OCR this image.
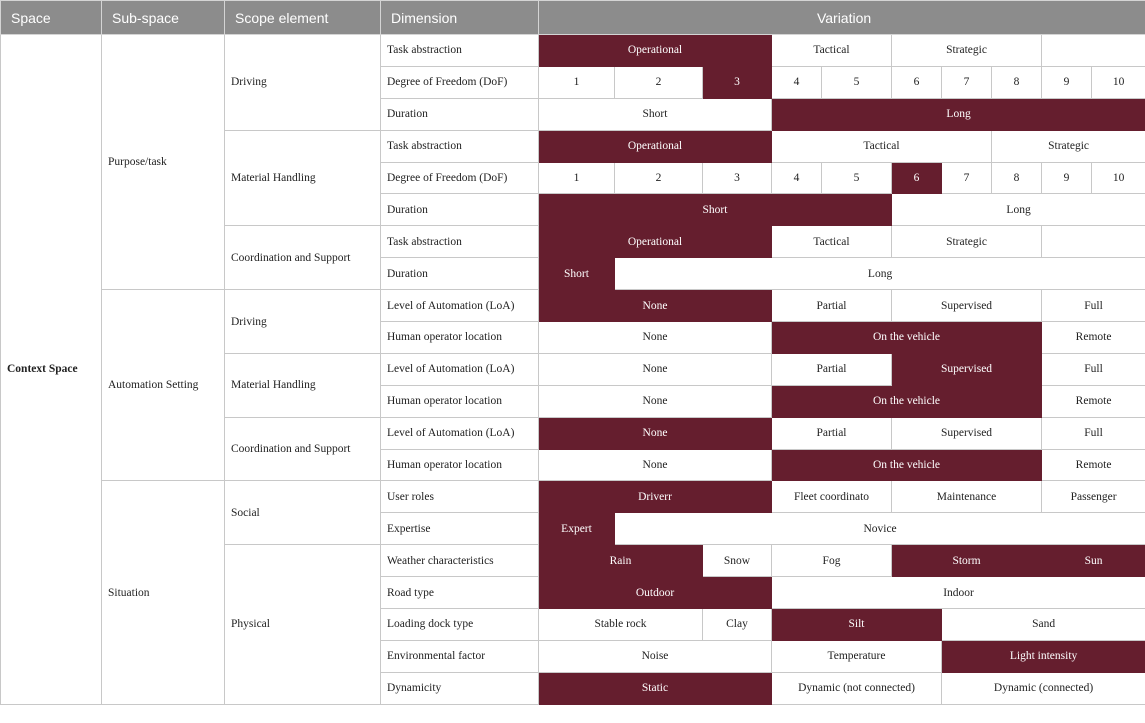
Space	Sub-space	Scope element	Dimension	Variation									
Context Space	Purpose/task	Driving	Task abstraction	Operational			Tactical		Strategic				
			Degree of Freedom (DoF)	1	2	3	4	5	6	7	8	9	10
			Duration	Short			Long						
		Material Handling	Task abstraction	Operational			Tactical				Strategic		
			Degree of Freedom (DoF)	1	2	3	4	5	6	7	8	9	10
			Duration	Short					Long				
		Coordination and Support	Task abstraction	Operational			Tactical		Strategic				
			Duration	Short	Long								
	Automation Setting	Driving	Level of Automation (LoA)	None			Partial		Supervised			Full	
			Human operator location	None			On the vehicle					Remote	
		Material Handling	Level of Automation (LoA)	None			Partial		Supervised			Full	
			Human operator location	None			On the vehicle					Remote	
		Coordination and Support	Level of Automation (LoA)	None			Partial		Supervised			Full	
			Human operator location	None			On the vehicle					Remote	
	Situation	Social	User roles	Driverr			Fleet coordinato		Maintenance			Passenger	
			Expertise	Expert	Novice								
		Physical	Weather characteristics	Rain		Snow	Fog		Storm			Sun	
			Road type	Outdoor			Indoor						
			Loading dock type	Stable rock		Clay	Silt			Sand			
			Environmental factor	Noise			Temperature			Light intensity			
			Dynamicity	Static			Dynamic (not connected)			Dynamic (connected)			
